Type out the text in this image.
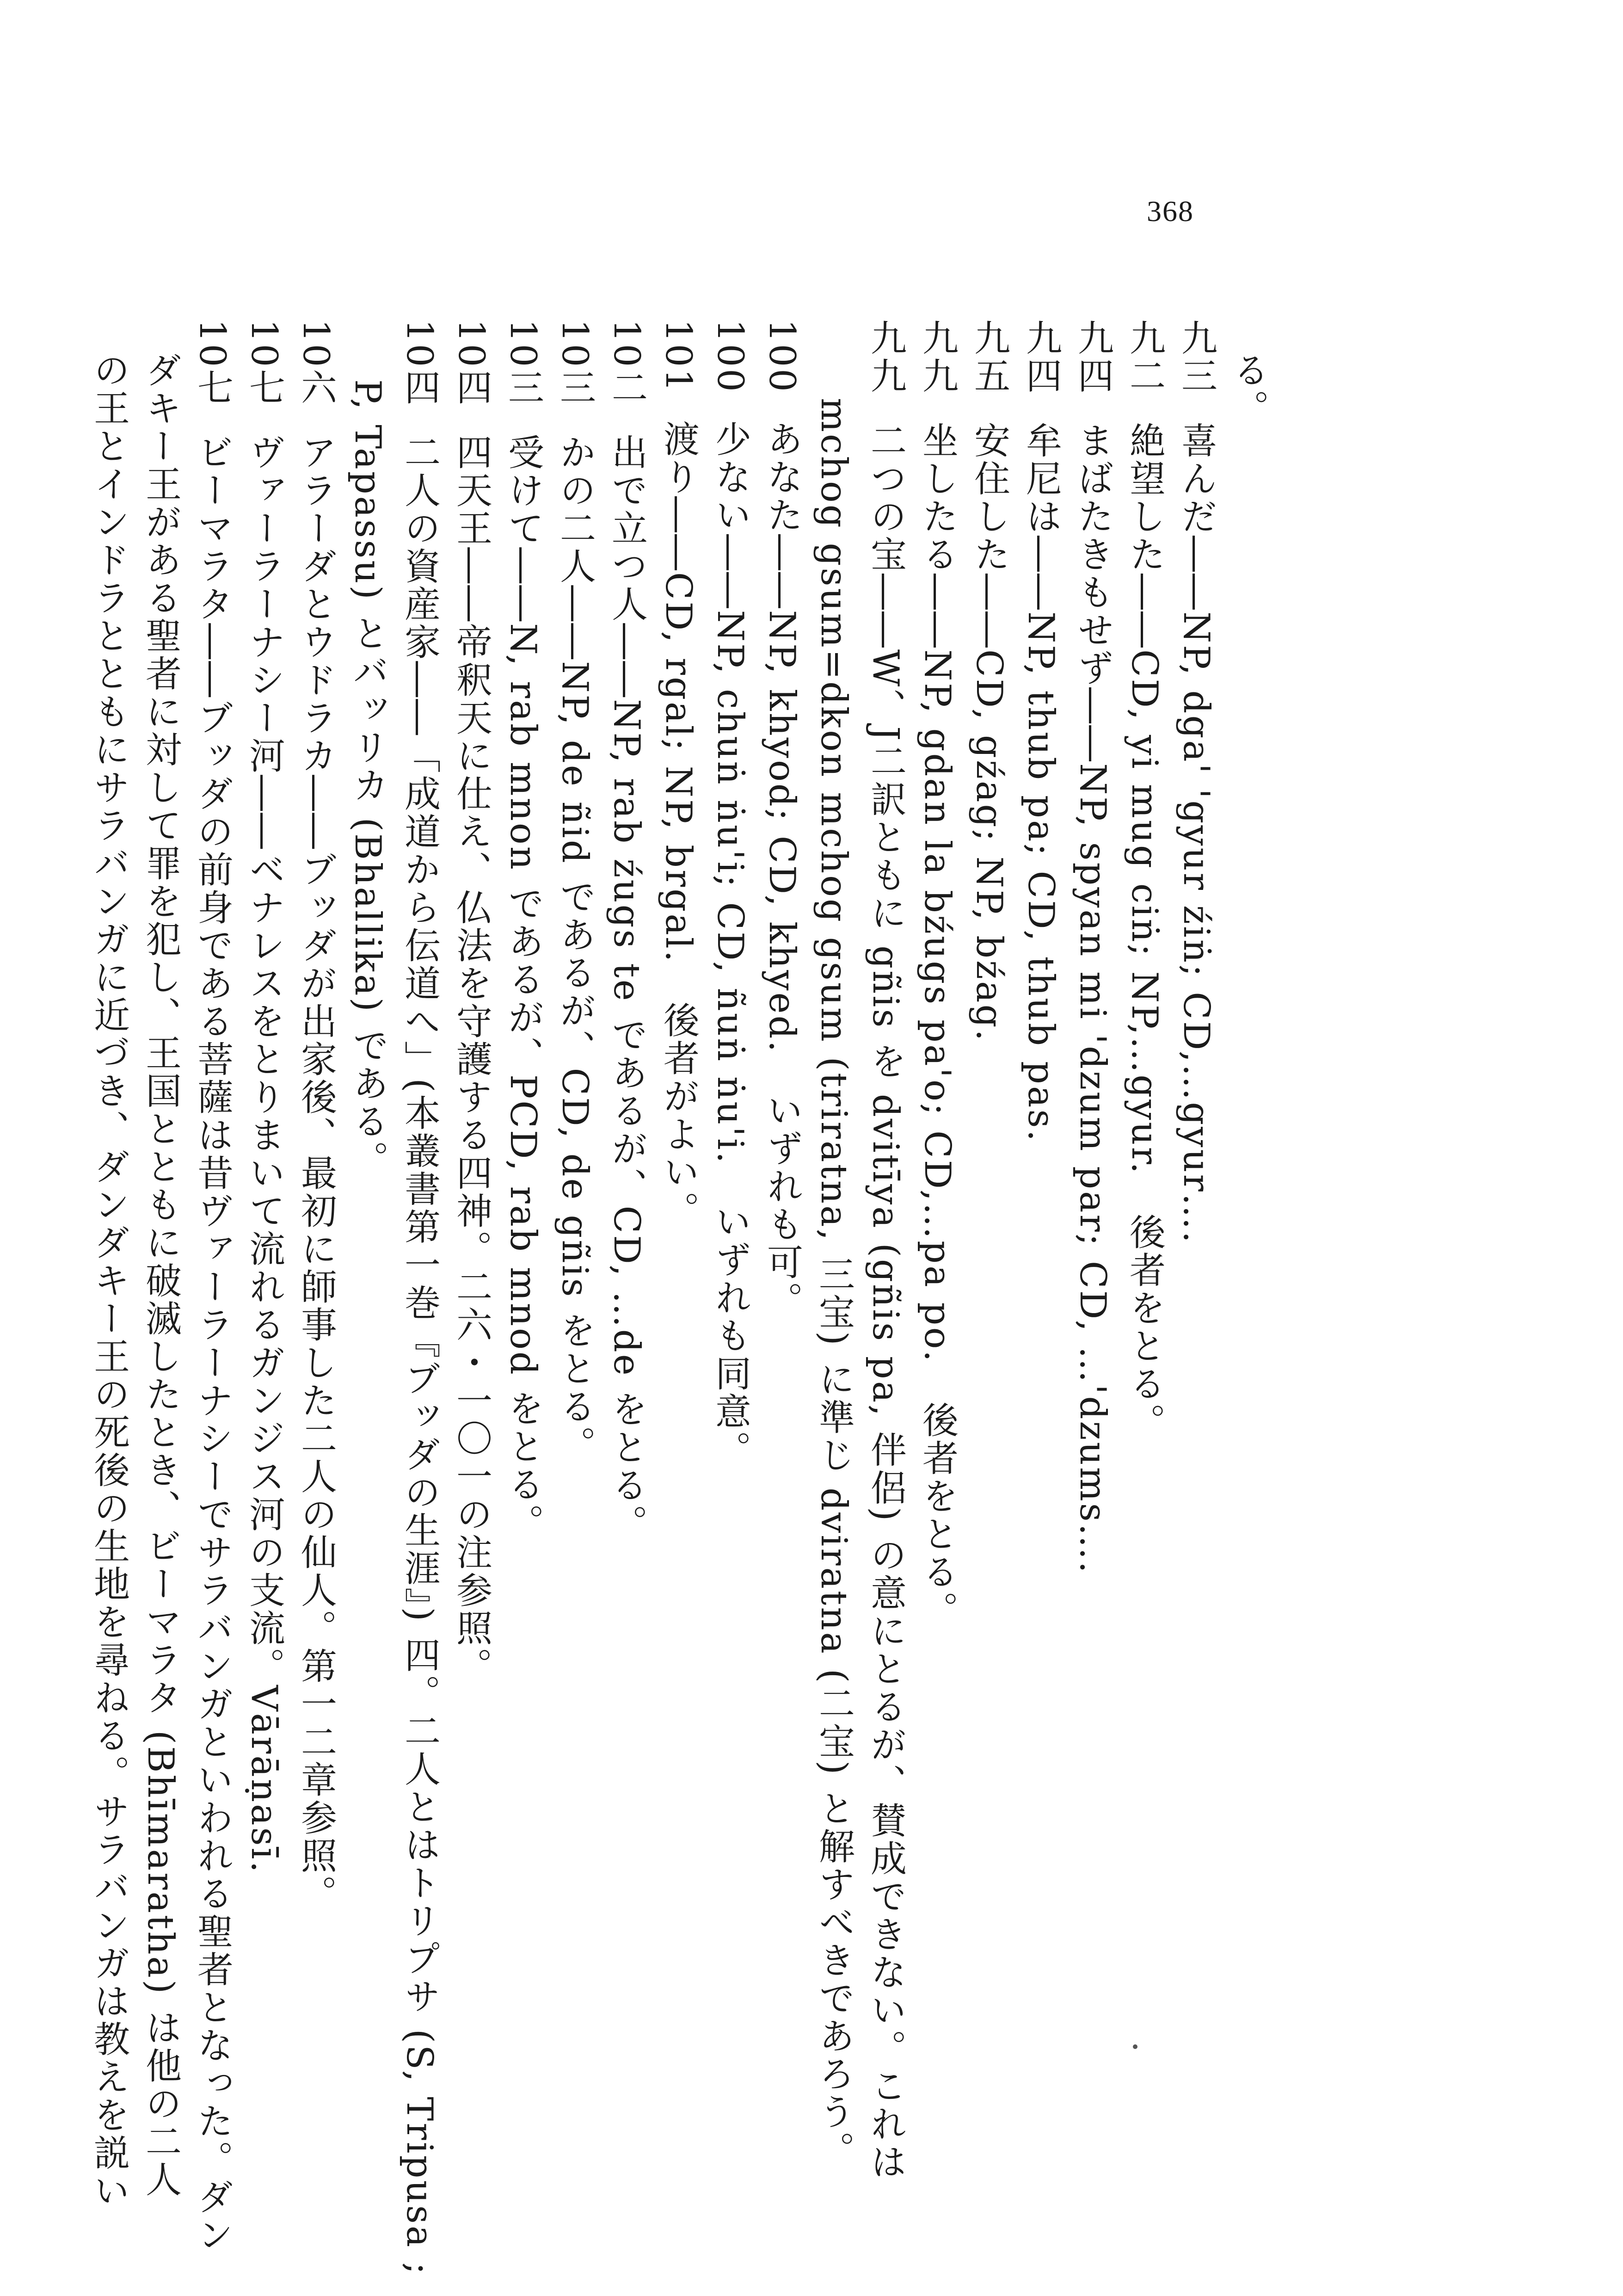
368
る。
九三喜んだ――NP, dga' 'gyur źiṅ; CD,…gyur….
九二絶望した――CD, yi mug ciṅ; NP,…gyur.　後者をとる。
九四まばたきもせず――NP, spyan mi 'dzum par; CD, …'dzums….
九四牟尼は――NP, thub pa; CD, thub pas.
九五安住した――CD, gźag; NP, bźag.
九九坐したる――NP, gdan la bźugs pa'o; CD,…pa po.　後者をとる。
九九二つの宝――W、J二訳ともに gñis を dvitīya (gñis pa, 伴侶) の意にとるが、賛成できない。これは
mchog gsum=dkon mchog gsum (triratna, 三宝) に準じ dviratna (二宝) と解すべきであろう。
100あなた――NP, khyod; CD, khyed.　いずれも可。
100少ない――NP, chuṅ ṅu'i; CD, ñuṅ ṅu'i.　いずれも同意。
101渡り――CD, rgal; NP, brgal.　後者がよい。
10二出で立つ人――NP, rab źugs te であるが、CD, …de をとる。
10三かの二人――NP, de ñid であるが、CD, de gñis をとる。
10三受けて――N, rab mnon であるが、PCD, rab mnod をとる。
10四四天王――帝釈天に仕え、仏法を守護する四神。二六・一〇一の注参照。
10四二人の資産家――「成道から伝道へ」(本叢書第一巻『ブッダの生涯』) 四。二人とはトリプサ (S, Tripusa ;
P, Tapassu) とバッリカ (Bhallika) である。
10六アラーダとウドラカ――ブッダが出家後、最初に師事した二人の仙人。第一二章参照。
10七ヴァーラーナシー河――ベナレスをとりまいて流れるガンジス河の支流。Vārāṇasī.
10七ビーマラタ――ブッダの前身である菩薩は昔ヴァーラーナシーでサラバンガといわれる聖者となった。ダン
ダキー王がある聖者に対して罪を犯し、王国とともに破滅したとき、ビーマラタ (Bhīmaratha) は他の二人
の王とインドラとともにサラバンガに近づき、ダンダキー王の死後の生地を尋ねる。サラバンガは教えを説い
